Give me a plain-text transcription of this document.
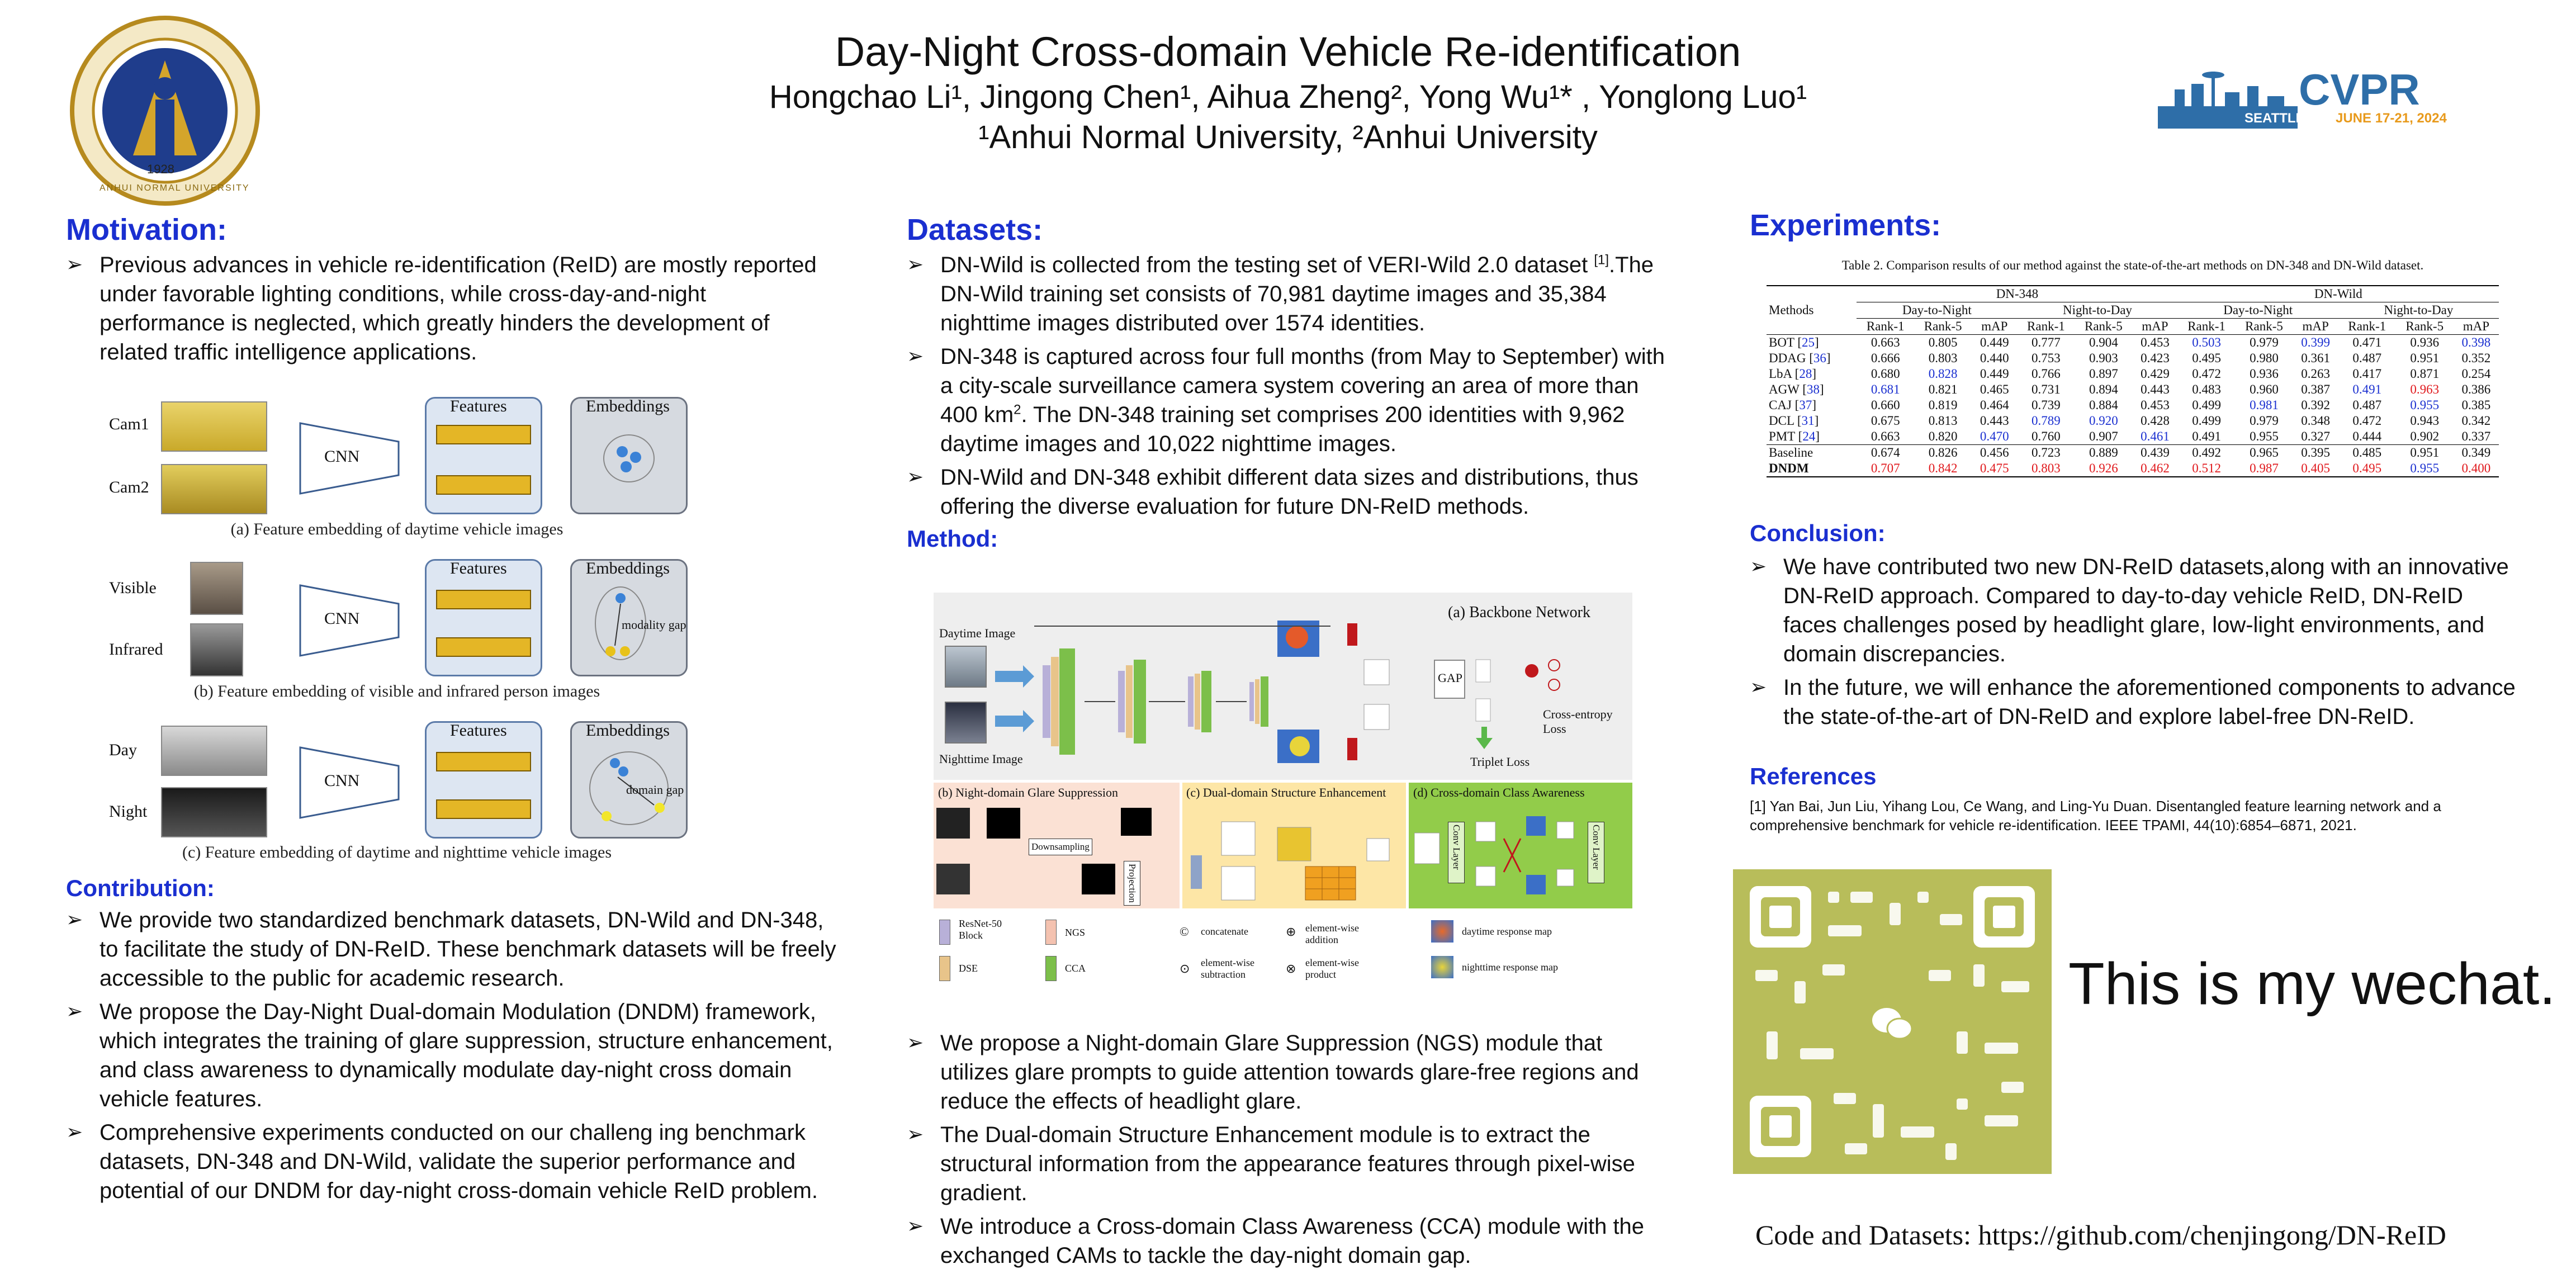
1928
ANHUI NORMAL UNIVERSITY
Day-Night Cross-domain Vehicle Re-identification
Hongchao Li¹, Jingong Chen¹, Aihua Zheng², Yong Wu¹* , Yonglong Luo¹
¹Anhui Normal University, ²Anhui University
CVPR
SEATTLE, WA JUNE 17-21, 2024
Motivation:
➢ Previous advances in vehicle re-identification (ReID) are mostly reported under favorable lighting conditions, while cross-day-and-night performance is neglected, which greatly hinders the development of related traffic intelligence applications.
Cam1
Cam2
CNN
Features	Embeddings
(a) Feature embedding of daytime vehicle images
Visible
Infrared
CNN
Features	Embeddings
modality gap
(b) Feature embedding of visible and infrared person images
Day
Night
CNN
Features	Embeddings
domain gap
(c) Feature embedding of daytime and nighttime vehicle images
Contribution:
➢ We provide two standardized benchmark datasets, DN-Wild and DN-348, to facilitate the study of DN-ReID. These benchmark datasets will be freely accessible to the public for academic research.
➢ We propose the Day-Night Dual-domain Modulation (DNDM) framework, which integrates the training of glare suppression, structure enhancement, and class awareness to dynamically modulate day-night cross domain vehicle features.
➢ Comprehensive experiments conducted on our challeng ing benchmark datasets, DN-348 and DN-Wild, validate the superior performance and potential of our DNDM for day-night cross-domain vehicle ReID problem.
Datasets:
➢ DN-Wild is collected from the testing set of VERI-Wild 2.0 dataset [1].The DN-Wild training set consists of 70,981 daytime images and 35,384 nighttime images distributed over 1574 identities.
➢ DN-348 is captured across four full months (from May to September) with a city-scale surveillance camera system covering an area of more than 400 $km^2$. The DN-348 training set comprises 200 identities with 9,962 daytime images and 10,022 nighttime images.
➢ DN-Wild and DN-348 exhibit different data sizes and distributions, thus offering the diverse evaluation for future DN-ReID methods.
Method:
(a) Backbone Network
Daytime Image
Nighttime Image
GAP
Cross-entropy Loss
Triplet Loss
(b) Night-domain Glare Suppression
Downsampling
Projection
(c) Dual-domain Structure Enhancement (d) Cross-domain Class Awareness
Conv Layer	Conv Layer
ResNet-50 Block
DSE
NGS
CCA
© concatenate
⊙ element-wise subtraction
⊕ element-wise addition
⊗ element-wise product
daytime response map
nighttime response map
➢ We propose a Night-domain Glare Suppression (NGS) module that utilizes glare prompts to guide attention towards glare-free regions and reduce the effects of headlight glare.
➢ The Dual-domain Structure Enhancement module is to extract the structural information from the appearance features through pixel-wise gradient.
➢ We introduce a Cross-domain Class Awareness (CCA) module with the exchanged CAMs to tackle the day-night domain gap.
Experiments:
Table 2. Comparison results of our method against the state-of-the-art methods on DN-348 and DN-Wild dataset.
Methods	DN-348						DN-Wild					
	Day-to-Night			Night-to-Day			Day-to-Night			Night-to-Day		
	Rank-1	Rank-5	mAP	Rank-1	Rank-5	mAP	Rank-1	Rank-5	mAP	Rank-1	Rank-5	mAP
BOT [25]	0.663	0.805	0.449	0.777	0.904	0.453	0.503	0.979	0.399	0.471	0.936	0.398
DDAG [36]	0.666	0.803	0.440	0.753	0.903	0.423	0.495	0.980	0.361	0.487	0.951	0.352
LbA [28]	0.680	0.828	0.449	0.766	0.897	0.429	0.472	0.936	0.263	0.417	0.871	0.254
AGW [38]	0.681	0.821	0.465	0.731	0.894	0.443	0.483	0.960	0.387	0.491	0.963	0.386
CAJ [37]	0.660	0.819	0.464	0.739	0.884	0.453	0.499	0.981	0.392	0.487	0.955	0.385
DCL [31]	0.675	0.813	0.443	0.789	0.920	0.428	0.499	0.979	0.348	0.472	0.943	0.342
PMT [24]	0.663	0.820	0.470	0.760	0.907	0.461	0.491	0.955	0.327	0.444	0.902	0.337
Baseline	0.674	0.826	0.456	0.723	0.889	0.439	0.492	0.965	0.395	0.485	0.951	0.349
DNDM	0.707	0.842	0.475	0.803	0.926	0.462	0.512	0.987	0.405	0.495	0.955	0.400
Conclusion:
➢ We have contributed two new DN-ReID datasets,along with an innovative DN-ReID approach. Compared to day-to-day vehicle ReID, DN-ReID faces challenges posed by headlight glare, low-light environments, and domain discrepancies.
➢ In the future, we will enhance the aforementioned components to advance the state-of-the-art of DN-ReID and explore label-free DN-ReID.
References
[1] Yan Bai, Jun Liu, Yihang Lou, Ce Wang, and Ling-Yu Duan. Disentangled feature learning network and a comprehensive benchmark for vehicle re-identification. IEEE TPAMI, 44(10):6854–6871, 2021.
This is my wechat.
Code and Datasets: https://github.com/chenjingong/DN-ReID
